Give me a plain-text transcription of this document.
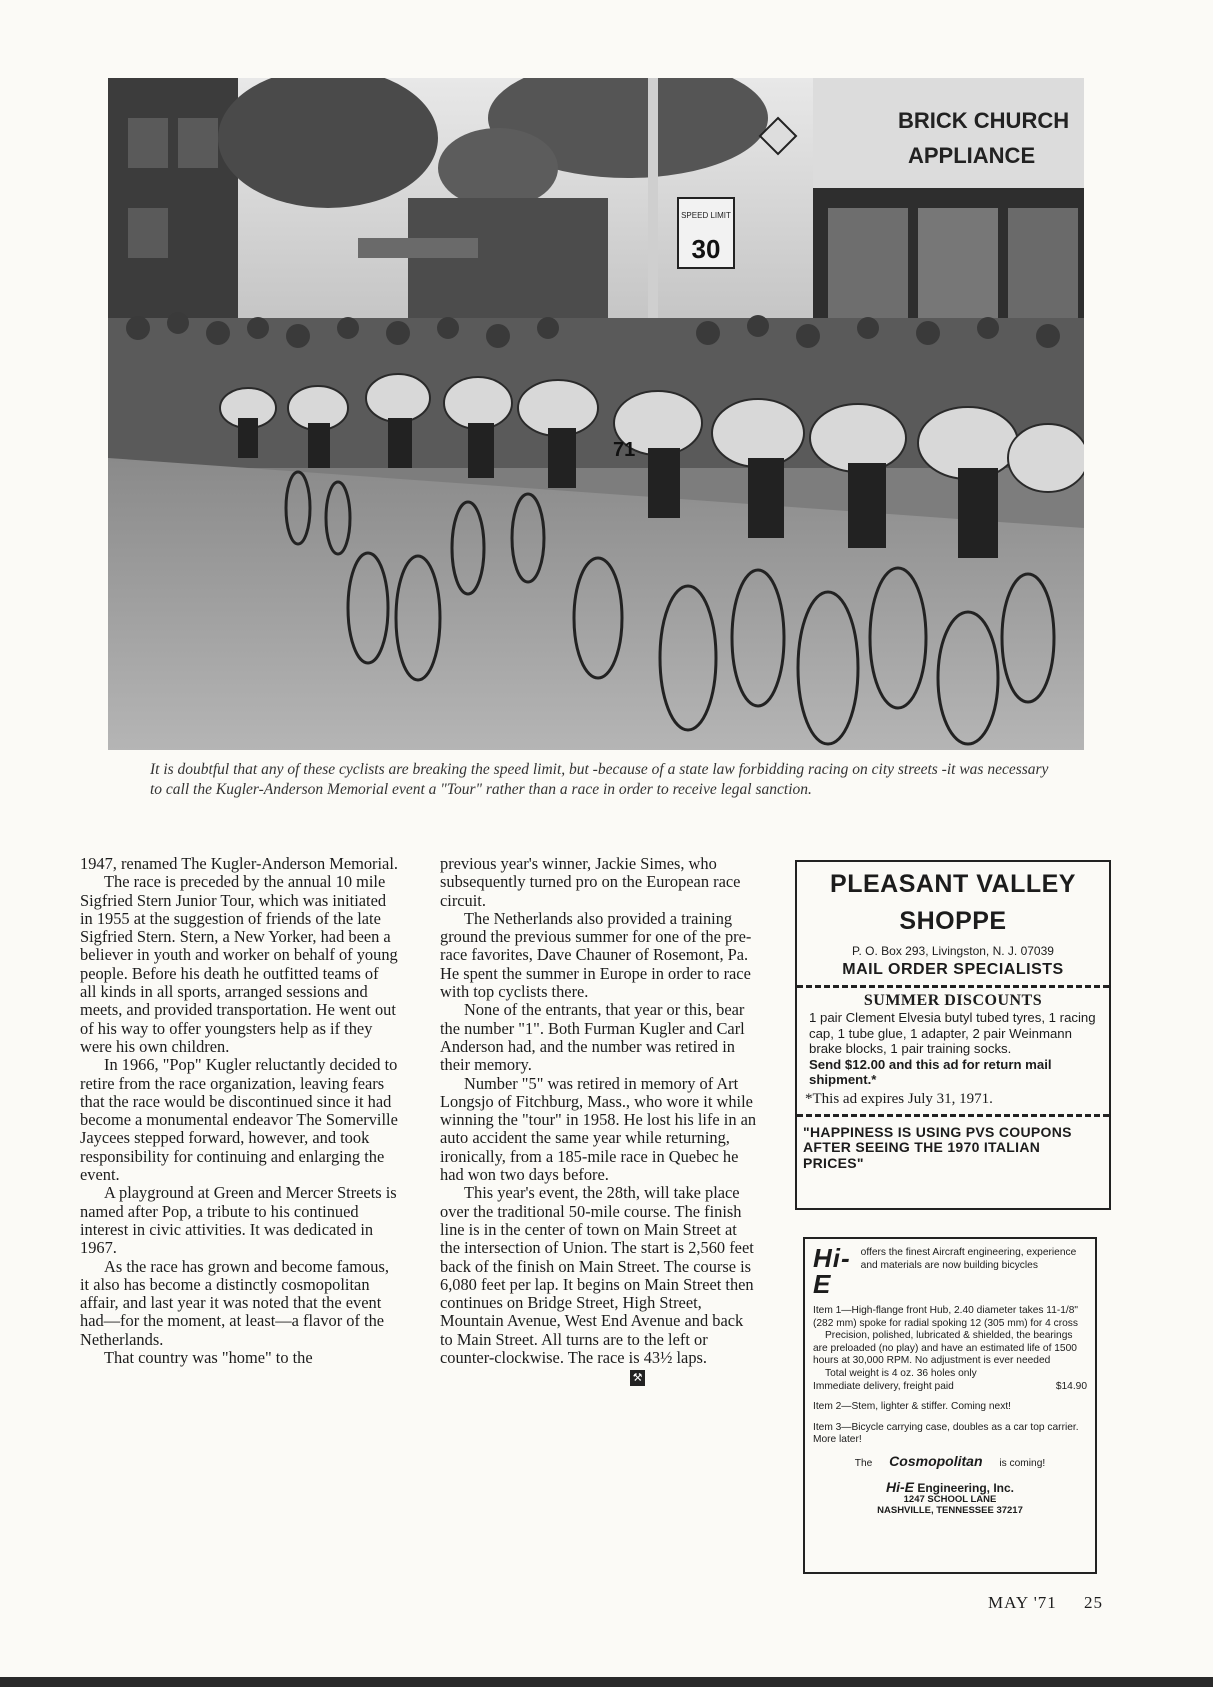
BRICK CHURCH
APPLIANCE
SPEED LIMIT
30
71
It is doubtful that any of these cyclists are breaking the speed limit, but -because of a state law forbidding racing on city streets -it was necessary to call the Kugler-Anderson Memorial event a "Tour" rather than a race in order to receive legal sanction.

1947, renamed The Kugler-Anderson Memorial.

The race is preceded by the annual 10 mile Sigfried Stern Junior Tour, which was initiated in 1955 at the suggestion of friends of the late Sigfried Stern. Stern, a New Yorker, had been a believer in youth and worker on behalf of young people. Before his death he outfitted teams of all kinds in all sports, arranged sessions and meets, and provided transportation. He went out of his way to offer youngsters help as if they were his own children.

In 1966, "Pop" Kugler reluctantly decided to retire from the race organization, leaving fears that the race would be discontinued since it had become a monumental endeavor The Somerville Jaycees stepped forward, however, and took responsibility for continuing and enlarging the event.

A playground at Green and Mercer Streets is named after Pop, a tribute to his continued interest in civic attivities. It was dedicated in 1967.

As the race has grown and become famous, it also has become a distinctly cosmopolitan affair, and last year it was noted that the event had—for the moment, at least—a flavor of the Netherlands.

That country was "home" to the

previous year's winner, Jackie Simes, who subsequently turned pro on the European race circuit.

The Netherlands also provided a training ground the previous summer for one of the pre-race favorites, Dave Chauner of Rosemont, Pa. He spent the summer in Europe in order to race with top cyclists there.

None of the entrants, that year or this, bear the number "1". Both Furman Kugler and Carl Anderson had, and the number was retired in their memory.

Number "5" was retired in memory of Art Longsjo of Fitchburg, Mass., who wore it while winning the "tour" in 1958. He lost his life in an auto accident the same year while returning, ironically, from a 185-mile race in Quebec he had won two days before.

This year's event, the 28th, will take place over the traditional 50-mile course. The finish line is in the center of town on Main Street at the intersection of Union. The start is 2,560 feet back of the finish on Main Street. The course is 6,080 feet per lap. It begins on Main Street then continues on Bridge Street, High Street, Mountain Avenue, West End Avenue and back to Main Street. All turns are to the left or counter-clockwise. The race is 43½ laps.

⚒
PLEASANT VALLEY
SHOPPE
P. O. Box 293, Livingston, N. J. 07039
MAIL ORDER SPECIALISTS
SUMMER DISCOUNTS
1 pair Clement Elvesia butyl tubed tyres, 1 racing cap, 1 tube glue, 1 adapter, 2 pair Weinmann brake blocks, 1 pair training socks.
Send $12.00 and this ad for return mail shipment.*
*This ad expires July 31, 1971.
"HAPPINESS IS USING PVS COUPONS AFTER SEEING THE 1970 ITALIAN PRICES"
Hi-E
offers the finest Aircraft engineering, experience and materials are now building bicycles

Item 1—High-flange front Hub, 2.40 diameter takes 11-1/8" (282 mm) spoke for radial spoking 12 (305 mm) for 4 cross

Precision, polished, lubricated & shielded, the bearings are preloaded (no play) and have an estimated life of 1500 hours at 30,000 RPM. No adjustment is ever needed

Total weight is 4 oz. 36 holes only

Immediate delivery, freight paid	$14.90

Item 2—Stem, lighter & stiffer. Coming next!

Item 3—Bicycle carrying case, doubles as a car top carrier. More later!

The Cosmopolitan is coming!
Hi-E Engineering, Inc.
1247 SCHOOL LANE
NASHVILLE, TENNESSEE 37217
MAY '71 25
